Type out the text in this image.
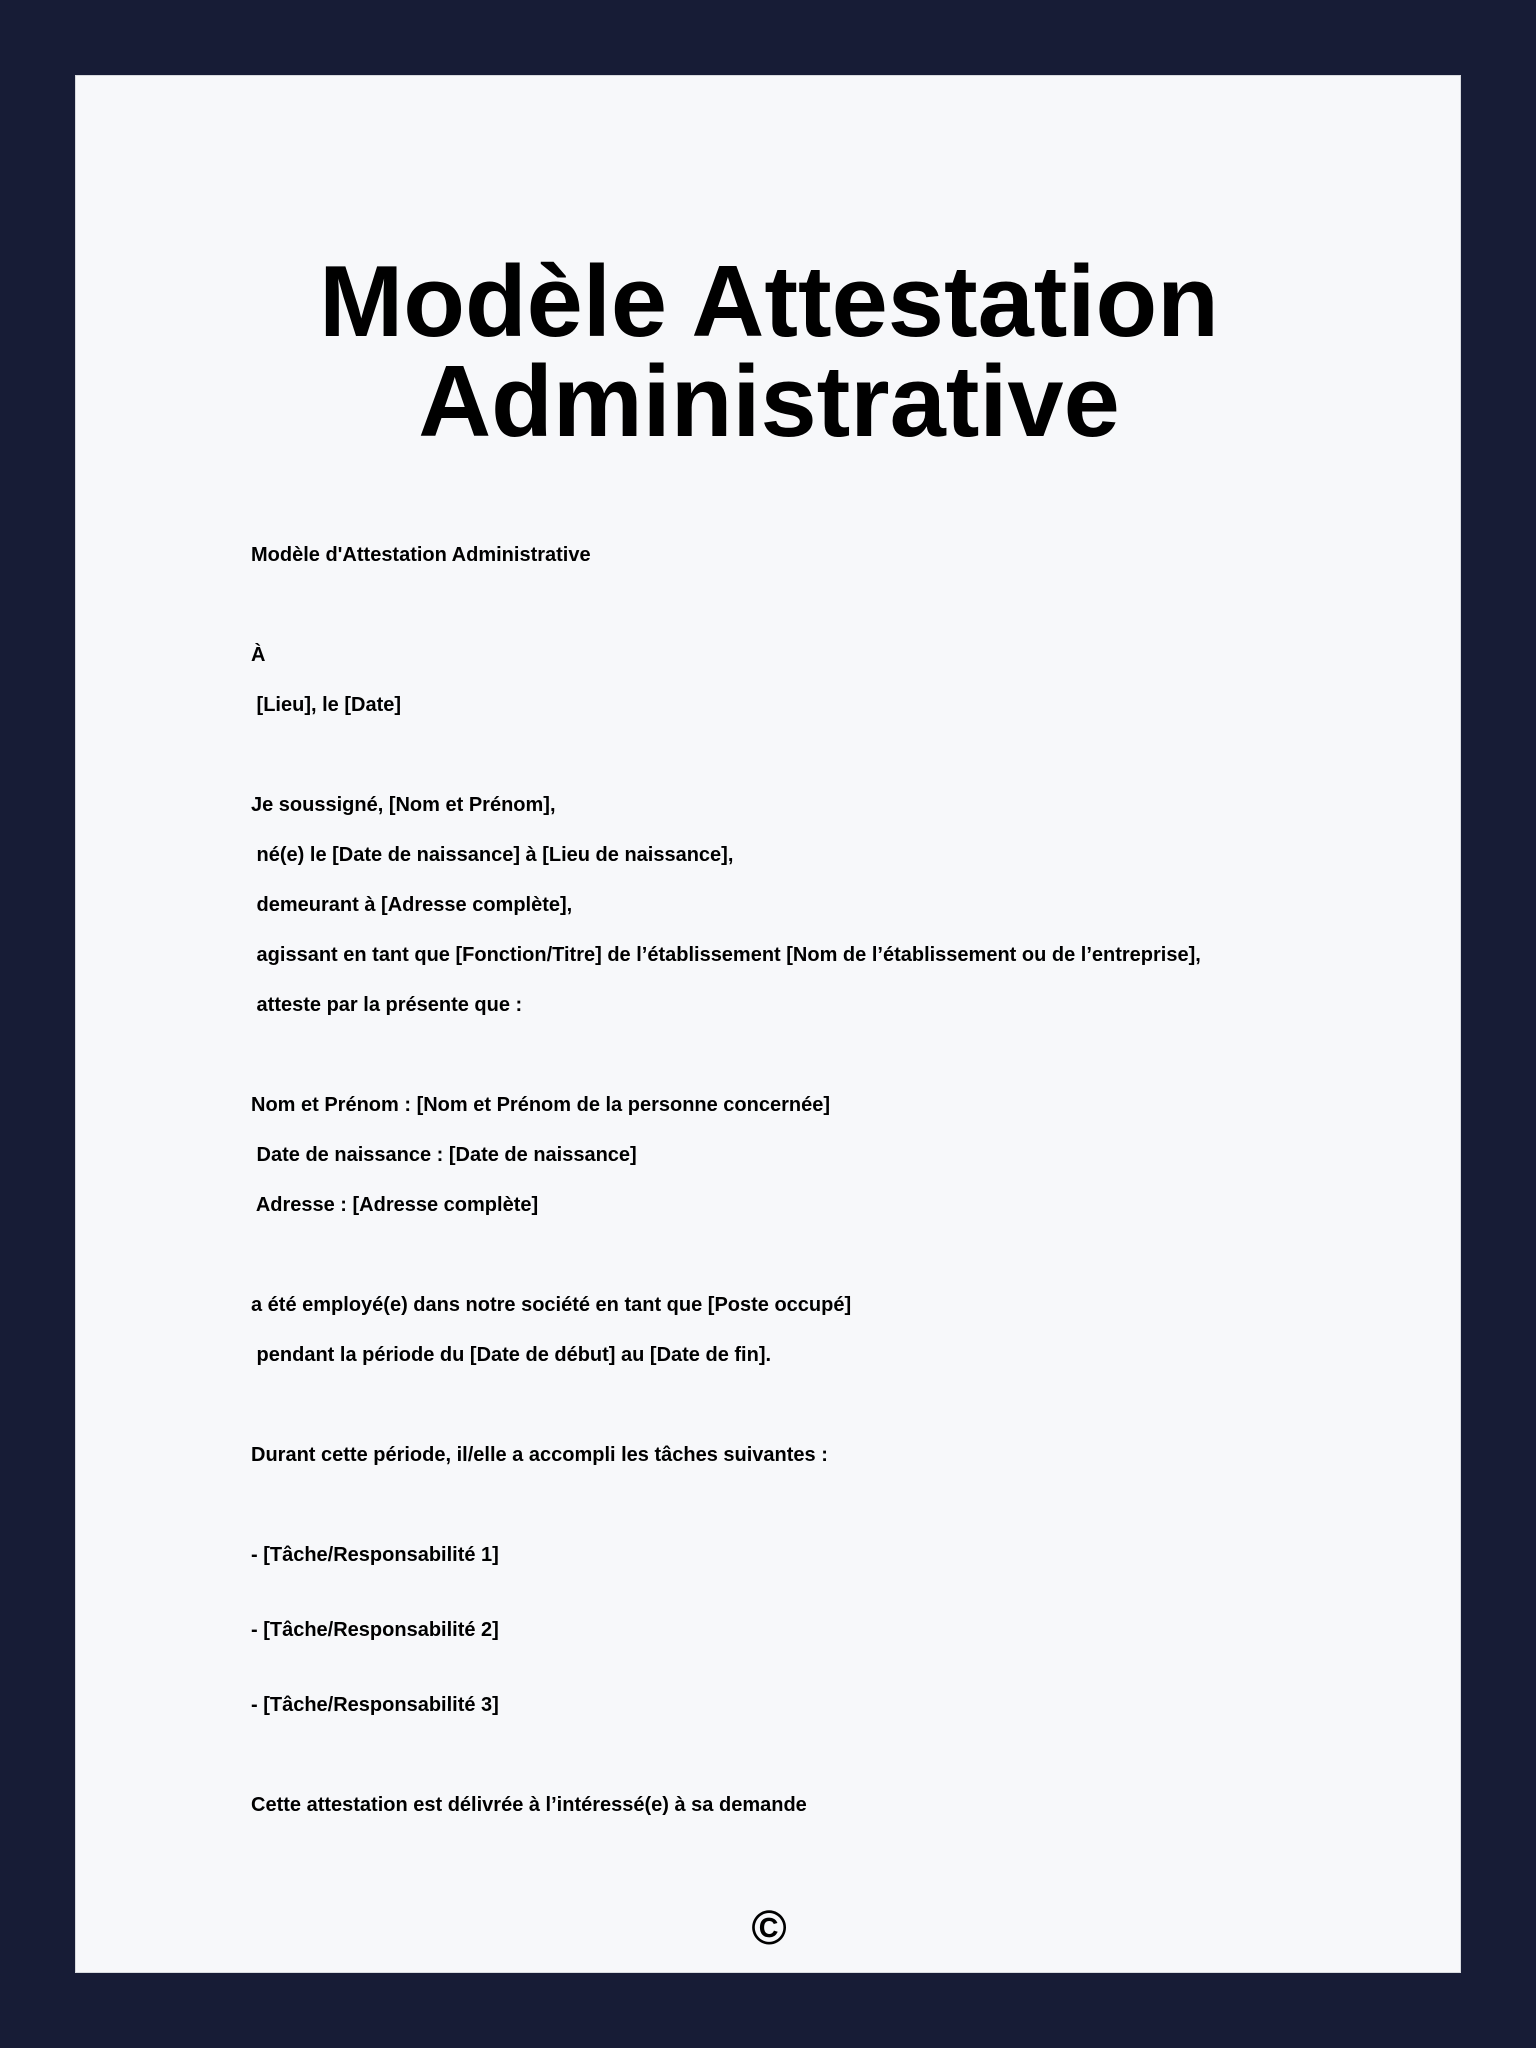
Modèle Attestation
Administrative

Modèle d'Attestation Administrative

À

[Lieu], le [Date]

Je soussigné, [Nom et Prénom],

né(e) le [Date de naissance] à [Lieu de naissance],

demeurant à [Adresse complète],

agissant en tant que [Fonction/Titre] de l’établissement [Nom de l’établissement ou de l’entreprise],

atteste par la présente que :

Nom et Prénom : [Nom et Prénom de la personne concernée]

Date de naissance : [Date de naissance]

Adresse : [Adresse complète]

a été employé(e) dans notre société en tant que [Poste occupé]

pendant la période du [Date de début] au [Date de fin].

Durant cette période, il/elle a accompli les tâches suivantes :

- [Tâche/Responsabilité 1]

- [Tâche/Responsabilité 2]

- [Tâche/Responsabilité 3]

Cette attestation est délivrée à l’intéressé(e) à sa demande

©
